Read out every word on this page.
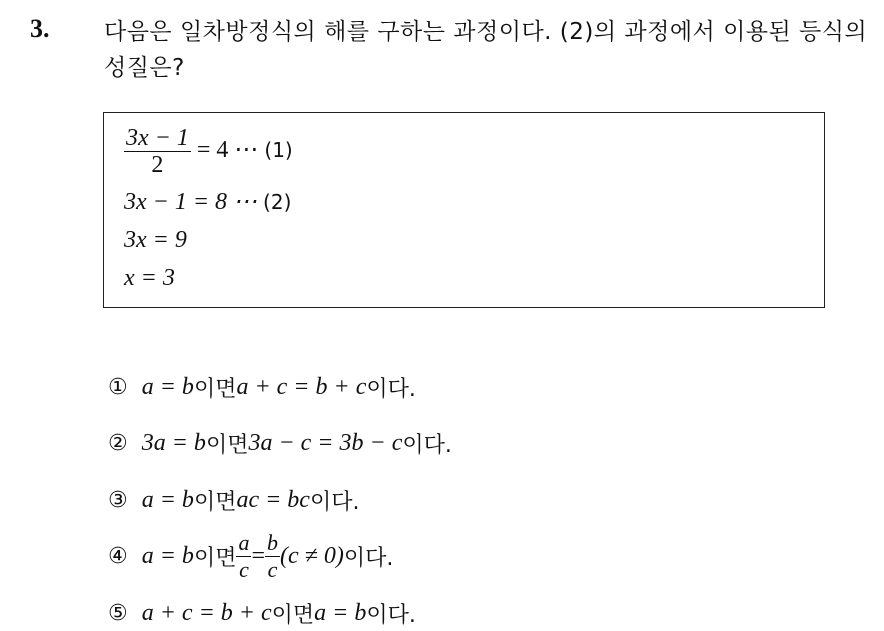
3. 다음은 일차방정식의 해를 구하는 과정이다. (2)의 과정에서 이용된 등식의 성질은?
$\frac{3x - 1}{2} = 4$ ⋯ (1)
3x − 1 = 8 ⋯ (2)
3x = 9
x = 3
① a = b 이면 a + c = b + c 이다.
② 3a = b 이면 3a − c = 3b − c 이다.
③ a = b 이면 ac = bc 이다.
④ a = b 이면 $\frac{a}{c} = \frac{b}{c} (c \ne 0)$ 이다.
⑤ a + c = b + c 이면 a = b 이다.
